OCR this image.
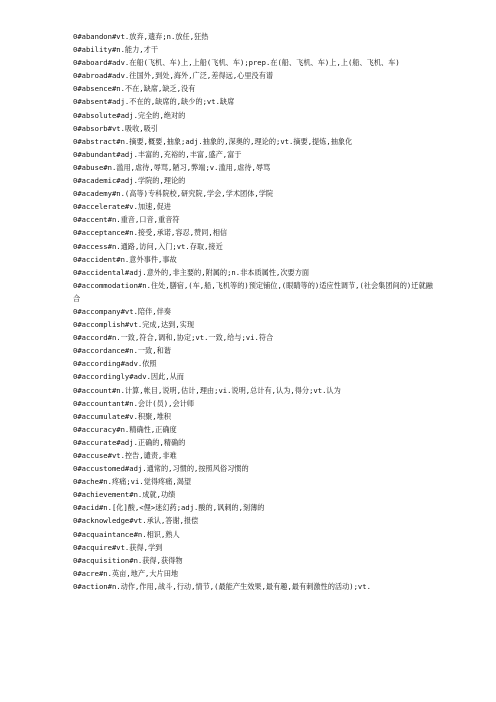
0#abandon#vt.放弃,遗弃;n.放任,狂热
0#ability#n.能力,才干
0#aboard#adv.在船(飞机、车)上,上船(飞机、车);prep.在(船、飞机、车)上,上(船、飞机、车)
0#abroad#adv.往国外,到处,海外,广泛,差得远,心里没有谱
0#absence#n.不在,缺席,缺乏,没有
0#absent#adj.不在的,缺席的,缺少的;vt.缺席
0#absolute#adj.完全的,绝对的
0#absorb#vt.吸收,吸引
0#abstract#n.摘要,概要,抽象;adj.抽象的,深奥的,理论的;vt.摘要,提炼,抽象化
0#abundant#adj.丰富的,充裕的,丰富,盛产,富于
0#abuse#n.滥用,虐待,辱骂,陋习,弊端;v.滥用,虐待,辱骂
0#academic#adj.学院的,理论的
0#academy#n.(高等)专科院校,研究院,学会,学术团体,学院
0#accelerate#v.加速,促进
0#accent#n.重音,口音,重音符
0#acceptance#n.接受,承诺,容忍,赞同,相信
0#access#n.通路,访问,入门;vt.存取,接近
0#accident#n.意外事件,事故
0#accidental#adj.意外的,非主要的,附属的;n.非本质属性,次要方面
0#accommodation#n.住处,膳宿,(车,船,飞机等的)预定铺位,(眼睛等的)适应性调节,(社会集团间的)迁就融合
0#accompany#vt.陪伴,伴奏
0#accomplish#vt.完成,达到,实现
0#accord#n.一致,符合,调和,协定;vt.一致,给与;vi.符合
0#accordance#n.一致,和谐
0#according#adv.依照
0#accordingly#adv.因此,从而
0#account#n.计算,帐目,说明,估计,理由;vi.说明,总计有,认为,得分;vt.认为
0#accountant#n.会计(员),会计师
0#accumulate#v.积聚,堆积
0#accuracy#n.精确性,正确度
0#accurate#adj.正确的,精确的
0#accuse#vt.控告,谴责,非难
0#accustomed#adj.通常的,习惯的,按照风俗习惯的
0#ache#n.疼痛;vi.觉得疼痛,渴望
0#achievement#n.成就,功绩
0#acid#n.[化]酸,<俚>迷幻药;adj.酸的,讽刺的,刻薄的
0#acknowledge#vt.承认,答谢,报偿
0#acquaintance#n.相识,熟人
0#acquire#vt.获得,学到
0#acquisition#n.获得,获得物
0#acre#n.英亩,地产,大片田地
0#action#n.动作,作用,战斗,行动,情节,(最能产生效果,最有趣,最有刺激性的活动);vt.
